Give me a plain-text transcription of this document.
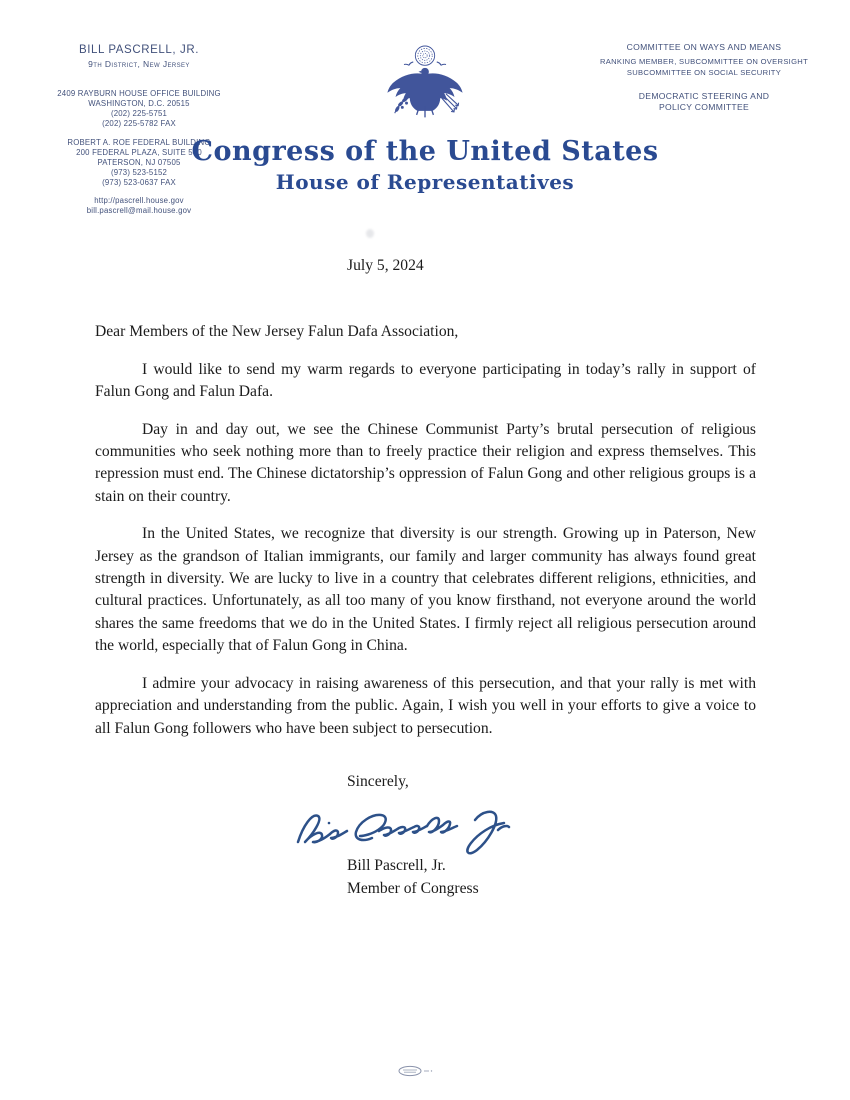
BILL PASCRELL, JR.
9th District, New Jersey
2409 RAYBURN HOUSE OFFICE BUILDING
WASHINGTON, D.C. 20515
(202) 225-5751
(202) 225-5782 FAX
ROBERT A. ROE FEDERAL BUILDING
200 FEDERAL PLAZA, SUITE 500
PATERSON, NJ 07505
(973) 523-5152
(973) 523-0637 FAX
http://pascrell.house.gov
bill.pascrell@mail.house.gov
COMMITTEE ON WAYS AND MEANS
RANKING MEMBER, SUBCOMMITTEE ON OVERSIGHT
SUBCOMMITTEE ON SOCIAL SECURITY
DEMOCRATIC STEERING AND
POLICY COMMITTEE
Congress of the United States
House of Representatives
July 5, 2024
Dear Members of the New Jersey Falun Dafa Association,

I would like to send my warm regards to everyone participating in today’s rally in support of Falun Gong and Falun Dafa.

Day in and day out, we see the Chinese Communist Party’s brutal persecution of religious communities who seek nothing more than to freely practice their religion and express themselves. This repression must end. The Chinese dictatorship’s oppression of Falun Gong and other religious groups is a stain on their country.

In the United States, we recognize that diversity is our strength. Growing up in Paterson, New Jersey as the grandson of Italian immigrants, our family and larger community has always found great strength in diversity. We are lucky to live in a country that celebrates different religions, ethnicities, and cultural practices. Unfortunately, as all too many of you know firsthand, not everyone around the world shares the same freedoms that we do in the United States. I firmly reject all religious persecution around the world, especially that of Falun Gong in China.

I admire your advocacy in raising awareness of this persecution, and that your rally is met with appreciation and understanding from the public. Again, I wish you well in your efforts to give a voice to all Falun Gong followers who have been subject to persecution.

Sincerely,
Bill Pascrell, Jr.
Member of Congress
